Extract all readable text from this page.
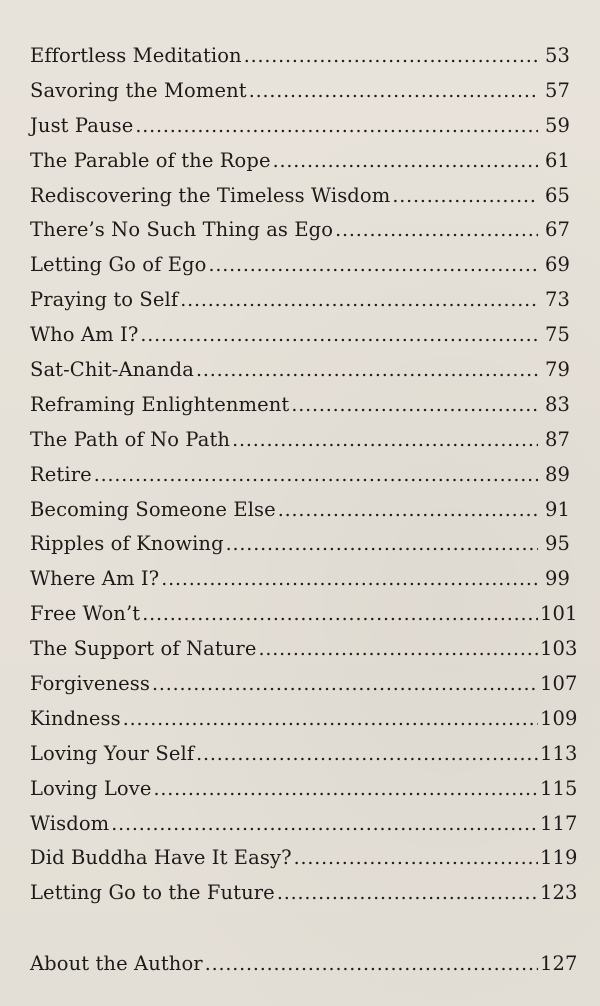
Effortless Meditation . . .	53
Savoring the Moment . . .	57
Just Pause . . .	59
The Parable of the Rope . . .	61
Rediscovering the Timeless Wisdom . . .	65
There’s No Such Thing as Ego . . .	67
Letting Go of Ego . . .	69
Praying to Self . . .	73
Who Am I? . . .	75
Sat-Chit-Ananda . . .	79
Reframing Enlightenment . . .	83
The Path of No Path . . .	87
Retire . . .	89
Becoming Someone Else . . .	91
Ripples of Knowing . . .	95
Where Am I? . . .	99
Free Won’t . . .	101
The Support of Nature . . .	103
Forgiveness . . .	107
Kindness . . .	109
Loving Your Self . . .	113
Loving Love . . .	115
Wisdom . . .	117
Did Buddha Have It Easy? . . .	119
Letting Go to the Future . . .	123
About the Author . . .	127
